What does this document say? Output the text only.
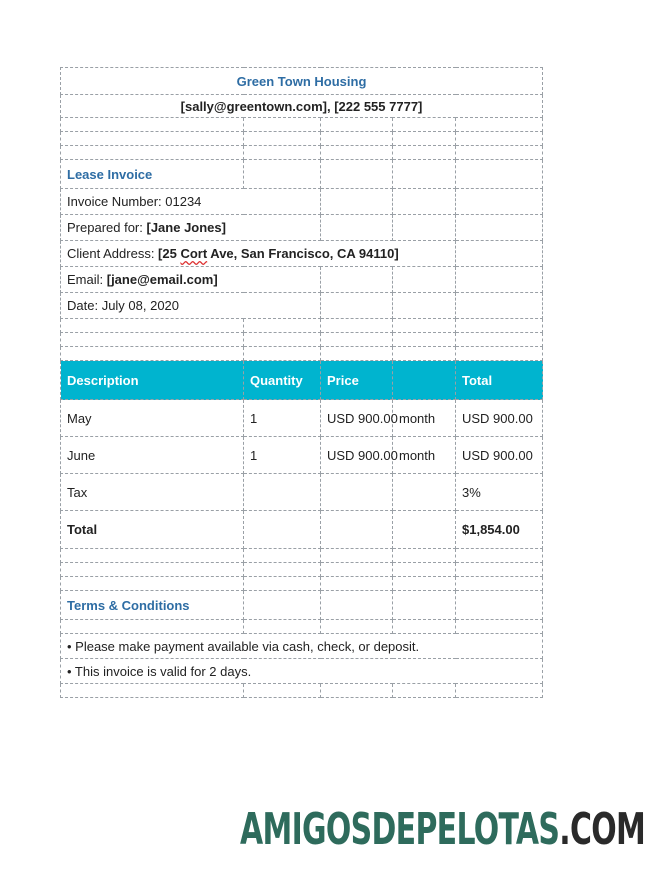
Green Town Housing				
[sally@greentown.com], [222 555 7777]				

Lease Invoice				
Invoice Number: 01234				
Prepared for: [Jane Jones]				
Client Address: [25 Cort Ave, San Francisco, CA 94110]				
Email: [jane@email.com]				
Date: July 08, 2020				

Description	Quantity	Price		Total
May	1	USD 900.00	month	USD 900.00
June	1	USD 900.00	month	USD 900.00
Tax				3%
Total				$1,854.00

Terms & Conditions				

• Please make payment available via cash, check, or deposit.				
• This invoice is valid for 2 days.				

AMIGOSDEPELOTAS.COM
